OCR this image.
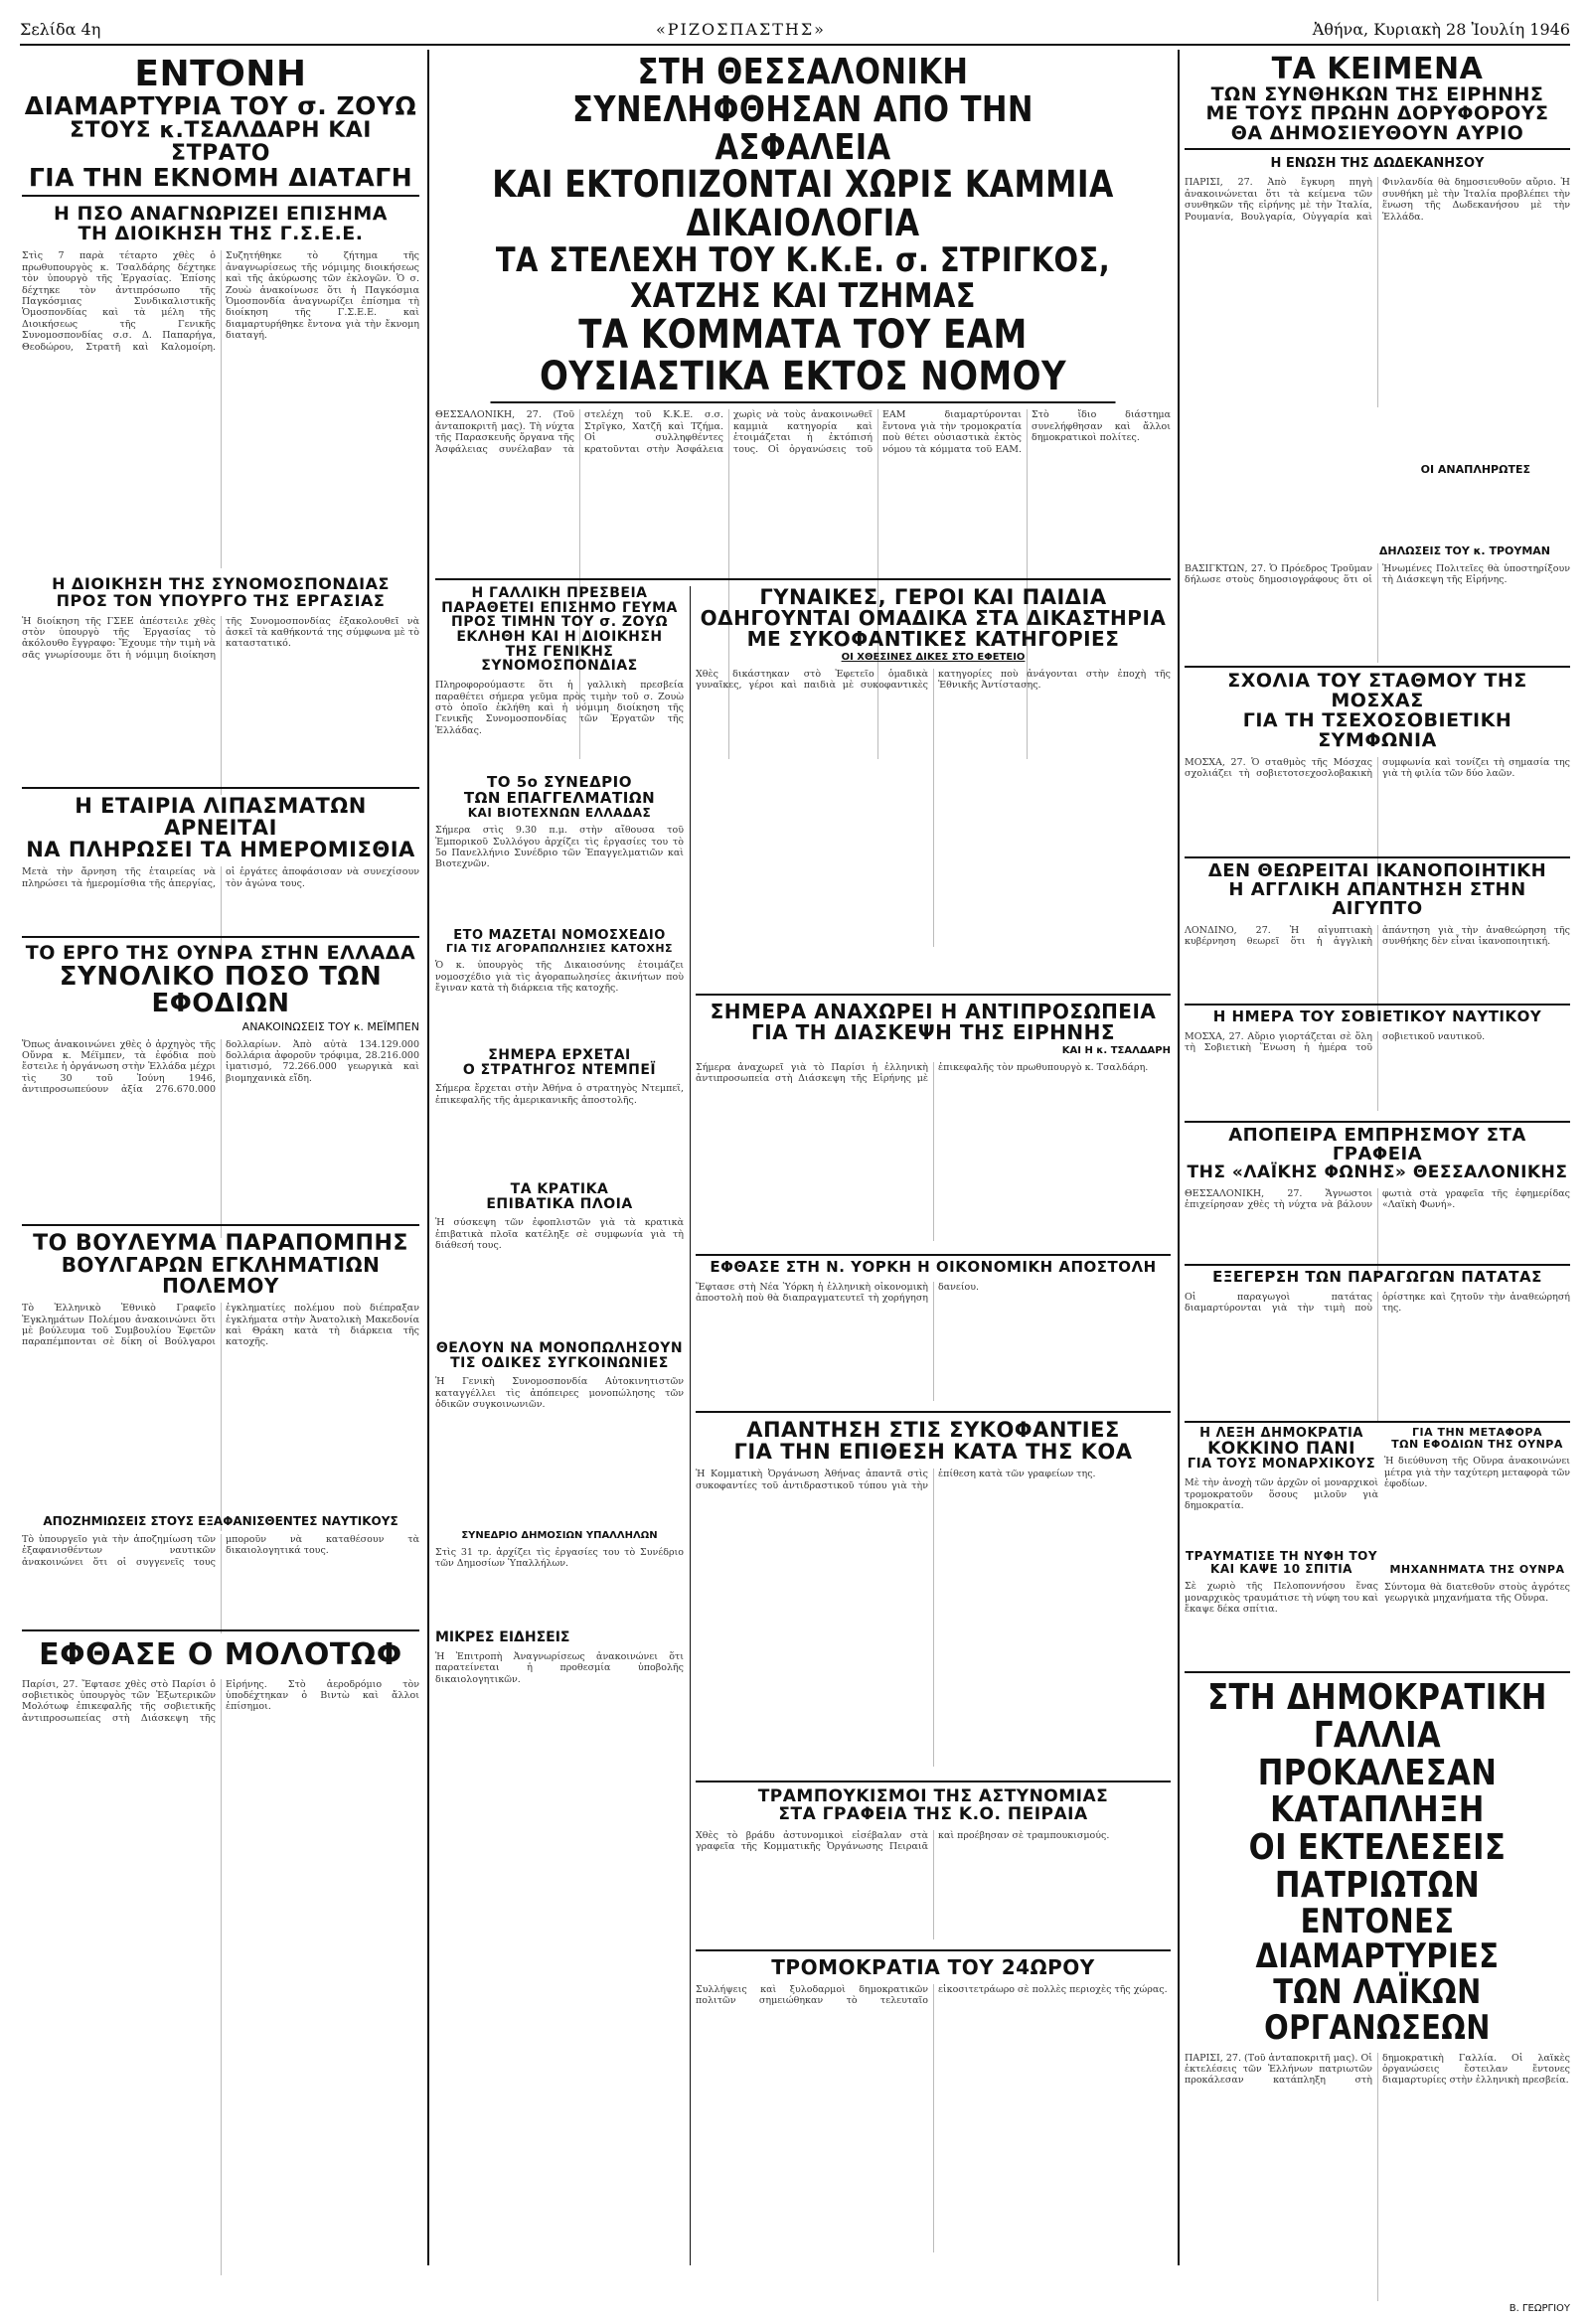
Σελίδα 4η	«ΡΙΖΟΣΠΑΣΤΗΣ»	Ἀθήνα, Κυριακὴ 28 Ἰουλίη 1946

ΕΝΤΟΝΗ

ΔΙΑΜΑΡΤΥΡΙΑ ΤΟΥ σ. ΖΟΥΩ

ΣΤΟΥΣ κ.ΤΣΑΛΔΑΡΗ ΚΑΙ ΣΤΡΑΤΟ

ΓΙΑ ΤΗΝ ΕΚΝΟΜΗ ΔΙΑΤΑΓΗ

Η ΠΣΟ ΑΝΑΓΝΩΡΙΖΕΙ ΕΠΙΣΗΜΑ

ΤΗ ΔΙΟΙΚΗΣΗ ΤΗΣ Γ.Σ.Ε.Ε.

Στὶς 7 παρὰ τέταρτο χθὲς ὁ πρωθυπουργὸς κ. Τσαλδάρης δέχτηκε τὸν ὑπουργὸ τῆς Ἐργασίας. Ἐπίσης δέχτηκε τὸν ἀντιπρόσωπο τῆς Παγκόσμιας Συνδικαλιστικῆς Ὁμοσπονδίας καὶ τὰ μέλη τῆς Διοικήσεως τῆς Γενικῆς Συνομοσπονδίας σ.σ. Δ. Παπαρήγα, Θεοδώρου, Στρατῆ καὶ Καλομοίρη. Συζητήθηκε τὸ ζήτημα τῆς ἀναγνωρίσεως τῆς νόμιμης διοικήσεως καὶ τῆς ἀκύρωσης τῶν ἐκλογῶν. Ὁ σ. Ζουὼ ἀνακοίνωσε ὅτι ἡ Παγκόσμια Ὁμοσπονδία ἀναγνωρίζει ἐπίσημα τὴ διοίκηση τῆς Γ.Σ.Ε.Ε. καὶ διαμαρτυρήθηκε ἔντονα γιὰ τὴν ἔκνομη διαταγή.

Η ΔΙΟΙΚΗΣΗ ΤΗΣ ΣΥΝΟΜΟΣΠΟΝΔΙΑΣ

ΠΡΟΣ ΤΟΝ ΥΠΟΥΡΓΟ ΤΗΣ ΕΡΓΑΣΙΑΣ

Ἡ διοίκηση τῆς ΓΣΕΕ ἀπέστειλε χθὲς στὸν ὑπουργὸ τῆς Ἐργασίας τὸ ἀκόλουθο ἔγγραφο: Ἔχουμε τὴν τιμὴ νὰ σᾶς γνωρίσουμε ὅτι ἡ νόμιμη διοίκηση τῆς Συνομοσπονδίας ἐξακολουθεῖ νὰ ἀσκεῖ τὰ καθήκοντά της σύμφωνα μὲ τὸ καταστατικό.

Η ΕΤΑΙΡΙΑ ΛΙΠΑΣΜΑΤΩΝ ΑΡΝΕΙΤΑΙ

ΝΑ ΠΛΗΡΩΣΕΙ ΤΑ ΗΜΕΡΟΜΙΣΘΙΑ

Μετὰ τὴν ἄρνηση τῆς ἑταιρείας νὰ πληρώσει τὰ ἡμερομίσθια τῆς ἀπεργίας, οἱ ἐργάτες ἀποφάσισαν νὰ συνεχίσουν τὸν ἀγώνα τους.

ΤΟ ΕΡΓΟ ΤΗΣ ΟΥΝΡΑ ΣΤΗΝ ΕΛΛΑΔΑ

ΣΥΝΟΛΙΚΟ ΠΟΣΟ ΤΩΝ ΕΦΟΔΙΩΝ

ΑΝΑΚΟΙΝΩΣΕΙΣ ΤΟΥ κ. ΜΕΪΜΠΕΝ

Ὅπως ἀνακοινώνει χθὲς ὁ ἀρχηγὸς τῆς Οὔνρα κ. Μέϊμπεν, τὰ ἐφόδια ποὺ ἔστειλε ἡ ὀργάνωση στὴν Ἑλλάδα μέχρι τὶς 30 τοῦ Ἰούνη 1946, ἀντιπροσωπεύουν ἀξία 276.670.000 δολλαρίων. Ἀπὸ αὐτὰ 134.129.000 δολλάρια ἀφοροῦν τρόφιμα, 28.216.000 ἰματισμό, 72.266.000 γεωργικὰ καὶ βιομηχανικὰ εἴδη.

ΤΟ ΒΟΥΛΕΥΜΑ ΠΑΡΑΠΟΜΠΗΣ

ΒΟΥΛΓΑΡΩΝ ΕΓΚΛΗΜΑΤΙΩΝ ΠΟΛΕΜΟΥ

Τὸ Ἑλληνικὸ Ἐθνικὸ Γραφεῖο Ἐγκλημάτων Πολέμου ἀνακοινώνει ὅτι μὲ βούλευμα τοῦ Συμβουλίου Ἐφετῶν παραπέμπονται σὲ δίκη οἱ Βούλγαροι ἐγκληματίες πολέμου ποὺ διέπραξαν ἐγκλήματα στὴν Ἀνατολικὴ Μακεδονία καὶ Θράκη κατὰ τὴ διάρκεια τῆς κατοχῆς.

ΑΠΟΖΗΜΙΩΣΕΙΣ ΣΤΟΥΣ ΕΞΑΦΑΝΙΣΘΕΝΤΕΣ ΝΑΥΤΙΚΟΥΣ

Τὸ ὑπουργεῖο γιὰ τὴν ἀποζημίωση τῶν ἐξαφανισθέντων ναυτικῶν ἀνακοινώνει ὅτι οἱ συγγενεῖς τους μποροῦν νὰ καταθέσουν τὰ δικαιολογητικά τους.

ΕΦΘΑΣΕ Ο ΜΟΛΟΤΩΦ

Παρίσι, 27. Ἔφτασε χθὲς στὸ Παρίσι ὁ σοβιετικὸς ὑπουργὸς τῶν Ἐξωτερικῶν Μολότωφ ἐπικεφαλῆς τῆς σοβιετικῆς ἀντιπροσωπείας στὴ Διάσκεψη τῆς Εἰρήνης. Στὸ ἀεροδρόμιο τὸν ὑποδέχτηκαν ὁ Βιντὼ καὶ ἄλλοι ἐπίσημοι.

ΣΤΗ ΘΕΣΣΑΛΟΝΙΚΗ ΣΥΝΕΛΗΦΘΗΣΑΝ ΑΠΟ ΤΗΝ ΑΣΦΑΛΕΙΑ

ΚΑΙ ΕΚΤΟΠΙΖΟΝΤΑΙ ΧΩΡΙΣ ΚΑΜΜΙΑ ΔΙΚΑΙΟΛΟΓΙΑ

ΤΑ ΣΤΕΛΕΧΗ ΤΟΥ Κ.Κ.Ε. σ. ΣΤΡΙΓΚΟΣ, ΧΑΤΖΗΣ ΚΑΙ ΤΖΗΜΑΣ

ΤΑ ΚΟΜΜΑΤΑ ΤΟΥ ΕΑΜ ΟΥΣΙΑΣΤΙΚΑ ΕΚΤΟΣ ΝΟΜΟΥ

ΘΕΣΣΑΛΟΝΙΚΗ, 27. (Τοῦ ἀνταποκριτῆ μας). Τὴ νύχτα τῆς Παρασκευῆς ὄργανα τῆς Ἀσφάλειας συνέλαβαν τὰ στελέχη τοῦ Κ.Κ.Ε. σ.σ. Στρῖγκο, Χατζῆ καὶ Τζήμα. Οἱ συλληφθέντες κρατοῦνται στὴν Ἀσφάλεια χωρὶς νὰ τοὺς ἀνακοινωθεῖ καμμιὰ κατηγορία καὶ ἑτοιμάζεται ἡ ἐκτόπισή τους. Οἱ ὀργανώσεις τοῦ ΕΑΜ διαμαρτύρονται ἔντονα γιὰ τὴν τρομοκρατία ποὺ θέτει οὐσιαστικὰ ἐκτὸς νόμου τὰ κόμματα τοῦ ΕΑΜ. Στὸ ἴδιο διάστημα συνελήφθησαν καὶ ἄλλοι δημοκρατικοὶ πολίτες.

Η ΓΑΛΛΙΚΗ ΠΡΕΣΒΕΙΑ

ΠΑΡΑΘΕΤΕΙ ΕΠΙΣΗΜΟ ΓΕΥΜΑ

ΠΡΟΣ ΤΙΜΗΝ ΤΟΥ σ. ΖΟΥΩ

ΕΚΛΗΘΗ ΚΑΙ Η ΔΙΟΙΚΗΣΗ

ΤΗΣ ΓΕΝΙΚΗΣ ΣΥΝΟΜΟΣΠΟΝΔΙΑΣ

Πληροφορούμαστε ὅτι ἡ γαλλικὴ πρεσβεία παραθέτει σήμερα γεῦμα πρὸς τιμὴν τοῦ σ. Ζουὼ στὸ ὁποῖο ἐκλήθη καὶ ἡ νόμιμη διοίκηση τῆς Γενικῆς Συνομοσπονδίας τῶν Ἐργατῶν τῆς Ἑλλάδας.

ΤΟ 5ο ΣΥΝΕΔΡΙΟ

ΤΩΝ ΕΠΑΓΓΕΛΜΑΤΙΩΝ

ΚΑΙ ΒΙΟΤΕΧΝΩΝ ΕΛΛΑΔΑΣ

Σήμερα στὶς 9.30 π.μ. στὴν αἴθουσα τοῦ Ἐμπορικοῦ Συλλόγου ἀρχίζει τὶς ἐργασίες του τὸ 5ο Πανελλήνιο Συνέδριο τῶν Ἐπαγγελματιῶν καὶ Βιοτεχνῶν.

ΕΤΟ ΜΑΖΕΤΑΙ ΝΟΜΟΣΧΕΔΙΟ

ΓΙΑ ΤΙΣ ΑΓΟΡΑΠΩΛΗΣΙΕΣ ΚΑΤΟΧΗΣ

Ὁ κ. ὑπουργὸς τῆς Δικαιοσύνης ἑτοιμάζει νομοσχέδιο γιὰ τὶς ἀγοραπωλησίες ἀκινήτων ποὺ ἔγιναν κατὰ τὴ διάρκεια τῆς κατοχῆς.

ΣΗΜΕΡΑ ΕΡΧΕΤΑΙ

Ο ΣΤΡΑΤΗΓΟΣ ΝΤΕΜΠΕΪ

Σήμερα ἔρχεται στὴν Ἀθήνα ὁ στρατηγὸς Ντεμπεΐ, ἐπικεφαλῆς τῆς ἀμερικανικῆς ἀποστολῆς.

ΤΑ ΚΡΑΤΙΚΑ

ΕΠΙΒΑΤΙΚΑ ΠΛΟΙΑ

Ἡ σύσκεψη τῶν ἐφοπλιστῶν γιὰ τὰ κρατικὰ ἐπιβατικὰ πλοῖα κατέληξε σὲ συμφωνία γιὰ τὴ διάθεσή τους.

ΘΕΛΟΥΝ ΝΑ ΜΟΝΟΠΩΛΗΣΟΥΝ

ΤΙΣ ΟΔΙΚΕΣ ΣΥΓΚΟΙΝΩΝΙΕΣ

Ἡ Γενικὴ Συνομοσπονδία Αὐτοκινητιστῶν καταγγέλλει τὶς ἀπόπειρες μονοπώλησης τῶν ὁδικῶν συγκοινωνιῶν.

ΣΥΝΕΔΡΙΟ ΔΗΜΟΣΙΩΝ ΥΠΑΛΛΗΛΩΝ

Στὶς 31 τρ. ἀρχίζει τὶς ἐργασίες του τὸ Συνέδριο τῶν Δημοσίων Ὑπαλλήλων.

ΜΙΚΡΕΣ ΕΙΔΗΣΕΙΣ

Ἡ Ἐπιτροπὴ Ἀναγνωρίσεως ἀνακοινώνει ὅτι παρατείνεται ἡ προθεσμία ὑποβολῆς δικαιολογητικῶν.

ΓΥΝΑΙΚΕΣ, ΓΕΡΟΙ ΚΑΙ ΠΑΙΔΙΑ

ΟΔΗΓΟΥΝΤΑΙ ΟΜΑΔΙΚΑ ΣΤΑ ΔΙΚΑΣΤΗΡΙΑ

ΜΕ ΣΥΚΟΦΑΝΤΙΚΕΣ ΚΑΤΗΓΟΡΙΕΣ

ΟΙ ΧΘΕΣΙΝΕΣ ΔΙΚΕΣ ΣΤΟ ΕΦΕΤΕΙΟ

Χθὲς δικάστηκαν στὸ Ἐφετεῖο ὁμαδικὰ γυναῖκες, γέροι καὶ παιδιὰ μὲ συκοφαντικὲς κατηγορίες ποὺ ἀνάγονται στὴν ἐποχὴ τῆς Ἐθνικῆς Ἀντίστασης.

ΣΗΜΕΡΑ ΑΝΑΧΩΡΕΙ Η ΑΝΤΙΠΡΟΣΩΠΕΙΑ

ΓΙΑ ΤΗ ΔΙΑΣΚΕΨΗ ΤΗΣ ΕΙΡΗΝΗΣ

ΚΑΙ Η κ. ΤΣΑΛΔΑΡΗ

Σήμερα ἀναχωρεῖ γιὰ τὸ Παρίσι ἡ ἑλληνικὴ ἀντιπροσωπεία στὴ Διάσκεψη τῆς Εἰρήνης μὲ ἐπικεφαλῆς τὸν πρωθυπουργὸ κ. Τσαλδάρη.

ΕΦΘΑΣΕ ΣΤΗ Ν. ΥΟΡΚΗ Η ΟΙΚΟΝΟΜΙΚΗ ΑΠΟΣΤΟΛΗ

Ἔφτασε στὴ Νέα Ὑόρκη ἡ ἑλληνικὴ οἰκονομικὴ ἀποστολὴ ποὺ θὰ διαπραγματευτεῖ τὴ χορήγηση δανείου.

ΑΠΑΝΤΗΣΗ ΣΤΙΣ ΣΥΚΟΦΑΝΤΙΕΣ

ΓΙΑ ΤΗΝ ΕΠΙΘΕΣΗ ΚΑΤΑ ΤΗΣ ΚΟΑ

Ἡ Κομματικὴ Ὀργάνωση Ἀθήνας ἀπαντᾶ στὶς συκοφαντίες τοῦ ἀντιδραστικοῦ τύπου γιὰ τὴν ἐπίθεση κατὰ τῶν γραφείων της.

ΤΡΑΜΠΟΥΚΙΣΜΟΙ ΤΗΣ ΑΣΤΥΝΟΜΙΑΣ

ΣΤΑ ΓΡΑΦΕΙΑ ΤΗΣ Κ.Ο. ΠΕΙΡΑΙΑ

Χθὲς τὸ βράδυ ἀστυνομικοὶ εἰσέβαλαν στὰ γραφεῖα τῆς Κομματικῆς Ὀργάνωσης Πειραιᾶ καὶ προέβησαν σὲ τραμπουκισμούς.

ΤΡΟΜΟΚΡΑΤΙΑ ΤΟΥ 24ΩΡΟΥ

Συλλήψεις καὶ ξυλοδαρμοὶ δημοκρατικῶν πολιτῶν σημειώθηκαν τὸ τελευταῖο εἰκοσιτετράωρο σὲ πολλὲς περιοχὲς τῆς χώρας.

ΤΑ ΚΕΙΜΕΝΑ

ΤΩΝ ΣΥΝΘΗΚΩΝ ΤΗΣ ΕΙΡΗΝΗΣ

ΜΕ ΤΟΥΣ ΠΡΩΗΝ ΔΟΡΥΦΟΡΟΥΣ

ΘΑ ΔΗΜΟΣΙΕΥΘΟΥΝ ΑΥΡΙΟ

Η ΕΝΩΣΗ ΤΗΣ ΔΩΔΕΚΑΝΗΣΟΥ

ΠΑΡΙΣΙ, 27. Ἀπὸ ἔγκυρη πηγὴ ἀνακοινώνεται ὅτι τὰ κείμενα τῶν συνθηκῶν τῆς εἰρήνης μὲ τὴν Ἰταλία, Ρουμανία, Βουλγαρία, Οὑγγαρία καὶ Φινλανδία θὰ δημοσιευθοῦν αὔριο. Ἡ συνθήκη μὲ τὴν Ἰταλία προβλέπει τὴν ἕνωση τῆς Δωδεκανήσου μὲ τὴν Ἑλλάδα.

ΟΙ ΑΝΑΠΛΗΡΩΤΕΣ

ΔΗΛΩΣΕΙΣ ΤΟΥ κ. ΤΡΟΥΜΑΝ

ΒΑΣΙΓΚΤΩΝ, 27. Ὁ Πρόεδρος Τροῦμαν δήλωσε στοὺς δημοσιογράφους ὅτι οἱ Ἡνωμένες Πολιτεῖες θὰ ὑποστηρίξουν τὴ Διάσκεψη τῆς Εἰρήνης.

ΣΧΟΛΙΑ ΤΟΥ ΣΤΑΘΜΟΥ ΤΗΣ ΜΟΣΧΑΣ

ΓΙΑ ΤΗ ΤΣΕΧΟΣΟΒΙΕΤΙΚΗ ΣΥΜΦΩΝΙΑ

ΜΟΣΧΑ, 27. Ὁ σταθμὸς τῆς Μόσχας σχολιάζει τὴ σοβιετοτσεχοσλοβακικὴ συμφωνία καὶ τονίζει τὴ σημασία της γιὰ τὴ φιλία τῶν δύο λαῶν.

ΔΕΝ ΘΕΩΡΕΙΤΑΙ ΙΚΑΝΟΠΟΙΗΤΙΚΗ

Η ΑΓΓΛΙΚΗ ΑΠΑΝΤΗΣΗ ΣΤΗΝ ΑΙΓΥΠΤΟ

ΛΟΝΔΙΝΟ, 27. Ἡ αἰγυπτιακὴ κυβέρνηση θεωρεῖ ὅτι ἡ ἀγγλικὴ ἀπάντηση γιὰ τὴν ἀναθεώρηση τῆς συνθήκης δὲν εἶναι ἱκανοποιητική.

Η ΗΜΕΡΑ ΤΟΥ ΣΟΒΙΕΤΙΚΟΥ ΝΑΥΤΙΚΟΥ

ΜΟΣΧΑ, 27. Αὔριο γιορτάζεται σὲ ὅλη τὴ Σοβιετικὴ Ἕνωση ἡ ἡμέρα τοῦ σοβιετικοῦ ναυτικοῦ.

ΑΠΟΠΕΙΡΑ ΕΜΠΡΗΣΜΟΥ ΣΤΑ ΓΡΑΦΕΙΑ

ΤΗΣ «ΛΑΪΚΗΣ ΦΩΝΗΣ» ΘΕΣΣΑΛΟΝΙΚΗΣ

ΘΕΣΣΑΛΟΝΙΚΗ, 27. Ἄγνωστοι ἐπιχείρησαν χθὲς τὴ νύχτα νὰ βάλουν φωτιὰ στὰ γραφεῖα τῆς ἐφημερίδας «Λαϊκὴ Φωνή».

ΕΞΕΓΕΡΣΗ ΤΩΝ ΠΑΡΑΓΩΓΩΝ ΠΑΤΑΤΑΣ

Οἱ παραγωγοὶ πατάτας διαμαρτύρονται γιὰ τὴν τιμὴ ποὺ ὁρίστηκε καὶ ζητοῦν τὴν ἀναθεώρησή της.

Η ΛΕΞΗ ΔΗΜΟΚΡΑΤΙΑ

ΚΟΚΚΙΝΟ ΠΑΝΙ

ΓΙΑ ΤΟΥΣ ΜΟΝΑΡΧΙΚΟΥΣ

Μὲ τὴν ἀνοχὴ τῶν ἀρχῶν οἱ μοναρχικοὶ τρομοκρατοῦν ὅσους μιλοῦν γιὰ δημοκρατία.

ΓΙΑ ΤΗΝ ΜΕΤΑΦΟΡΑ

ΤΩΝ ΕΦΟΔΙΩΝ ΤΗΣ ΟΥΝΡΑ

Ἡ διεύθυνση τῆς Οὔνρα ἀνακοινώνει μέτρα γιὰ τὴν ταχύτερη μεταφορὰ τῶν ἐφοδίων.

ΤΡΑΥΜΑΤΙΣΕ ΤΗ ΝΥΦΗ ΤΟΥ

ΚΑΙ ΚΑΨΕ 10 ΣΠΙΤΙΑ

Σὲ χωριὸ τῆς Πελοποννήσου ἕνας μοναρχικὸς τραυμάτισε τὴ νύφη του καὶ ἔκαψε δέκα σπίτια.

ΜΗΧΑΝΗΜΑΤΑ ΤΗΣ ΟΥΝΡΑ

Σύντομα θὰ διατεθοῦν στοὺς ἀγρότες γεωργικὰ μηχανήματα τῆς Οὔνρα.

ΣΤΗ ΔΗΜΟΚΡΑΤΙΚΗ ΓΑΛΛΙΑ

ΠΡΟΚΑΛΕΣΑΝ ΚΑΤΑΠΛΗΞΗ

ΟΙ ΕΚΤΕΛΕΣΕΙΣ ΠΑΤΡΙΩΤΩΝ

ΕΝΤΟΝΕΣ ΔΙΑΜΑΡΤΥΡΙΕΣ

ΤΩΝ ΛΑΪΚΩΝ ΟΡΓΑΝΩΣΕΩΝ

ΠΑΡΙΣΙ, 27. (Τοῦ ἀνταποκριτῆ μας). Οἱ ἐκτελέσεις τῶν Ἑλλήνων πατριωτῶν προκάλεσαν κατάπληξη στὴ δημοκρατικὴ Γαλλία. Οἱ λαϊκὲς ὀργανώσεις ἔστειλαν ἔντονες διαμαρτυρίες στὴν ἑλληνικὴ πρεσβεία.

Β. ΓΕΩΡΓΙΟΥ
